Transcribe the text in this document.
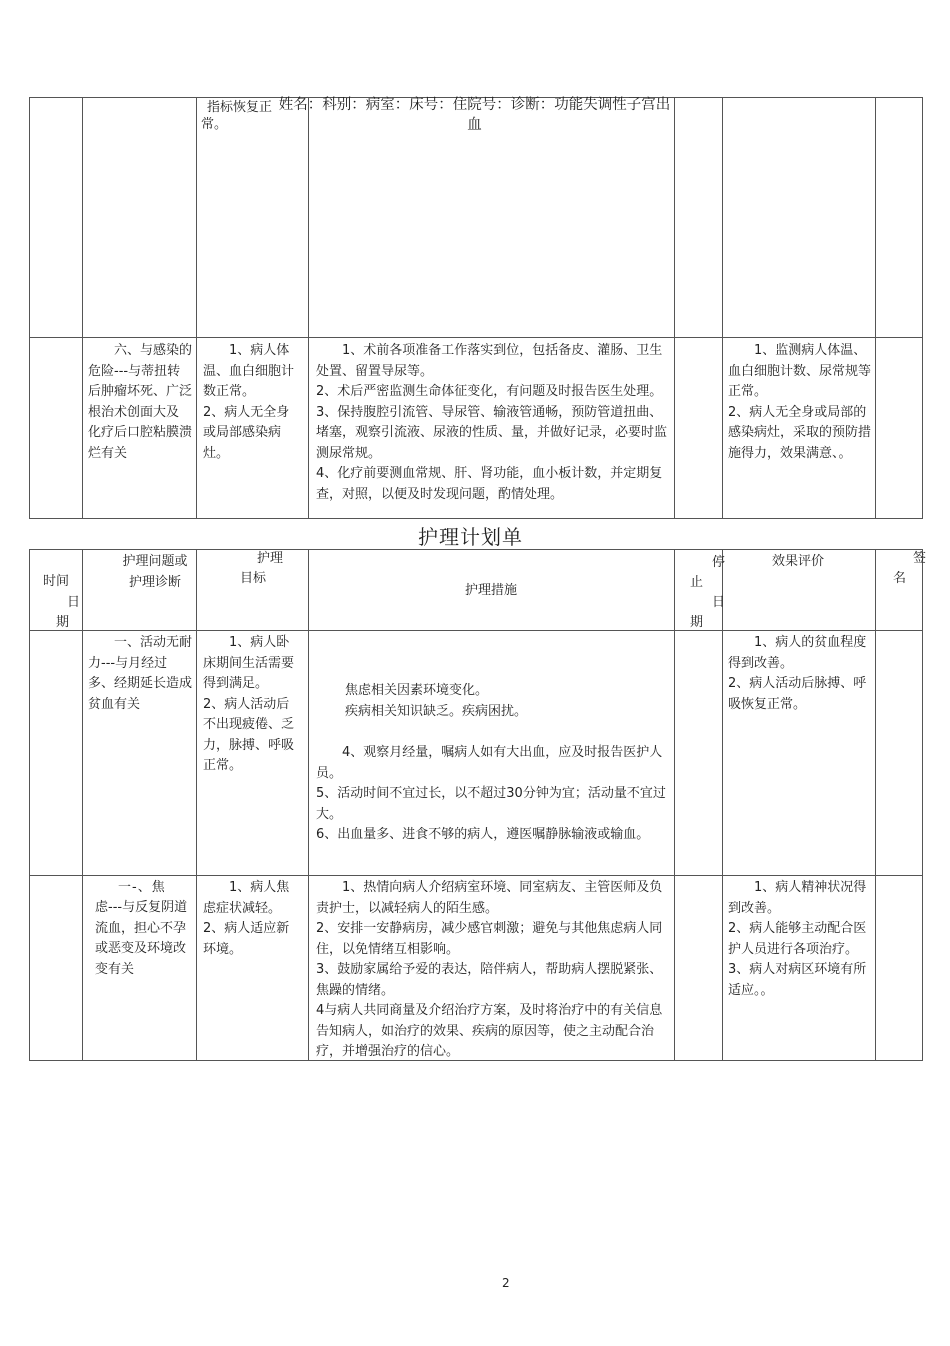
指标恢复正常。
姓名：科别：病室：床号：住院号：诊断：功能失调性子宫出血
六、与感染的危险---与蒂扭转后肿瘤坏死、广泛根治术创面大及
化疗后口腔粘膜溃烂有关
1、病人体温、血白细胞计数正常。
2、病人无全身或局部感染病灶。
1、术前各项准备工作落实到位，包括备皮、灌肠、卫生处置、留置导尿等。
2、术后严密监测生命体征变化，有问题及时报告医生处理。
3、保持腹腔引流管、导尿管、输液管通畅，预防管道扭曲、堵塞，观察引流液、尿液的性质、量，并做好记录，必要时监测尿常规。
4、化疗前要测血常规、肝、肾功能，血小板计数，并定期复查，对照，以便及时发现问题，酌情处理。
1、监测病人体温、血白细胞计数、尿常规等正常。
2、病人无全身或局部的感染病灶，采取的预防措施得力，效果满意、。
护理计划单
时间
日
期
护理问题或
护理诊断
护理
目标
护理措施
停
止
日
期
效果评价	签
名
一、活动无耐力---与月经过多、经期延长造成贫血有关
1、病人卧床期间生活需要得到满足。
2、病人活动后不出现疲倦、乏力，脉搏、呼吸正常。
焦虑相关因素环境变化。
疾病相关知识缺乏。疾病困扰。
4、观察月经量，嘱病人如有大出血，应及时报告医护人员。
5、活动时间不宜过长，以不超过30分钟为宜；活动量不宜过大。
6、出血量多、进食不够的病人，遵医嘱静脉输液或输血。
1、病人的贫血程度得到改善。
2、病人活动后脉搏、呼吸恢复正常。
一-、焦
虑---与反复阴道流血，担心不孕或恶变及环境改变有关
1、病人焦虑症状减轻。
2、病人适应新环境。
1、热情向病人介绍病室环境、同室病友、主管医师及负责护士，以减轻病人的陌生感。
2、安排一安静病房，减少感官刺激；避免与其他焦虑病人同住，以免情绪互相影响。
3、鼓励家属给予爱的表达，陪伴病人，帮助病人摆脱紧张、焦躁的情绪。
4与病人共同商量及介绍治疗方案，及时将治疗中的有关信息告知病人，如治疗的效果、疾病的原因等，使之主动配合治疗，并增强治疗的信心。
1、病人精神状况得到改善。
2、病人能够主动配合医护人员进行各项治疗。
3、病人对病区环境有所适应。。
2
